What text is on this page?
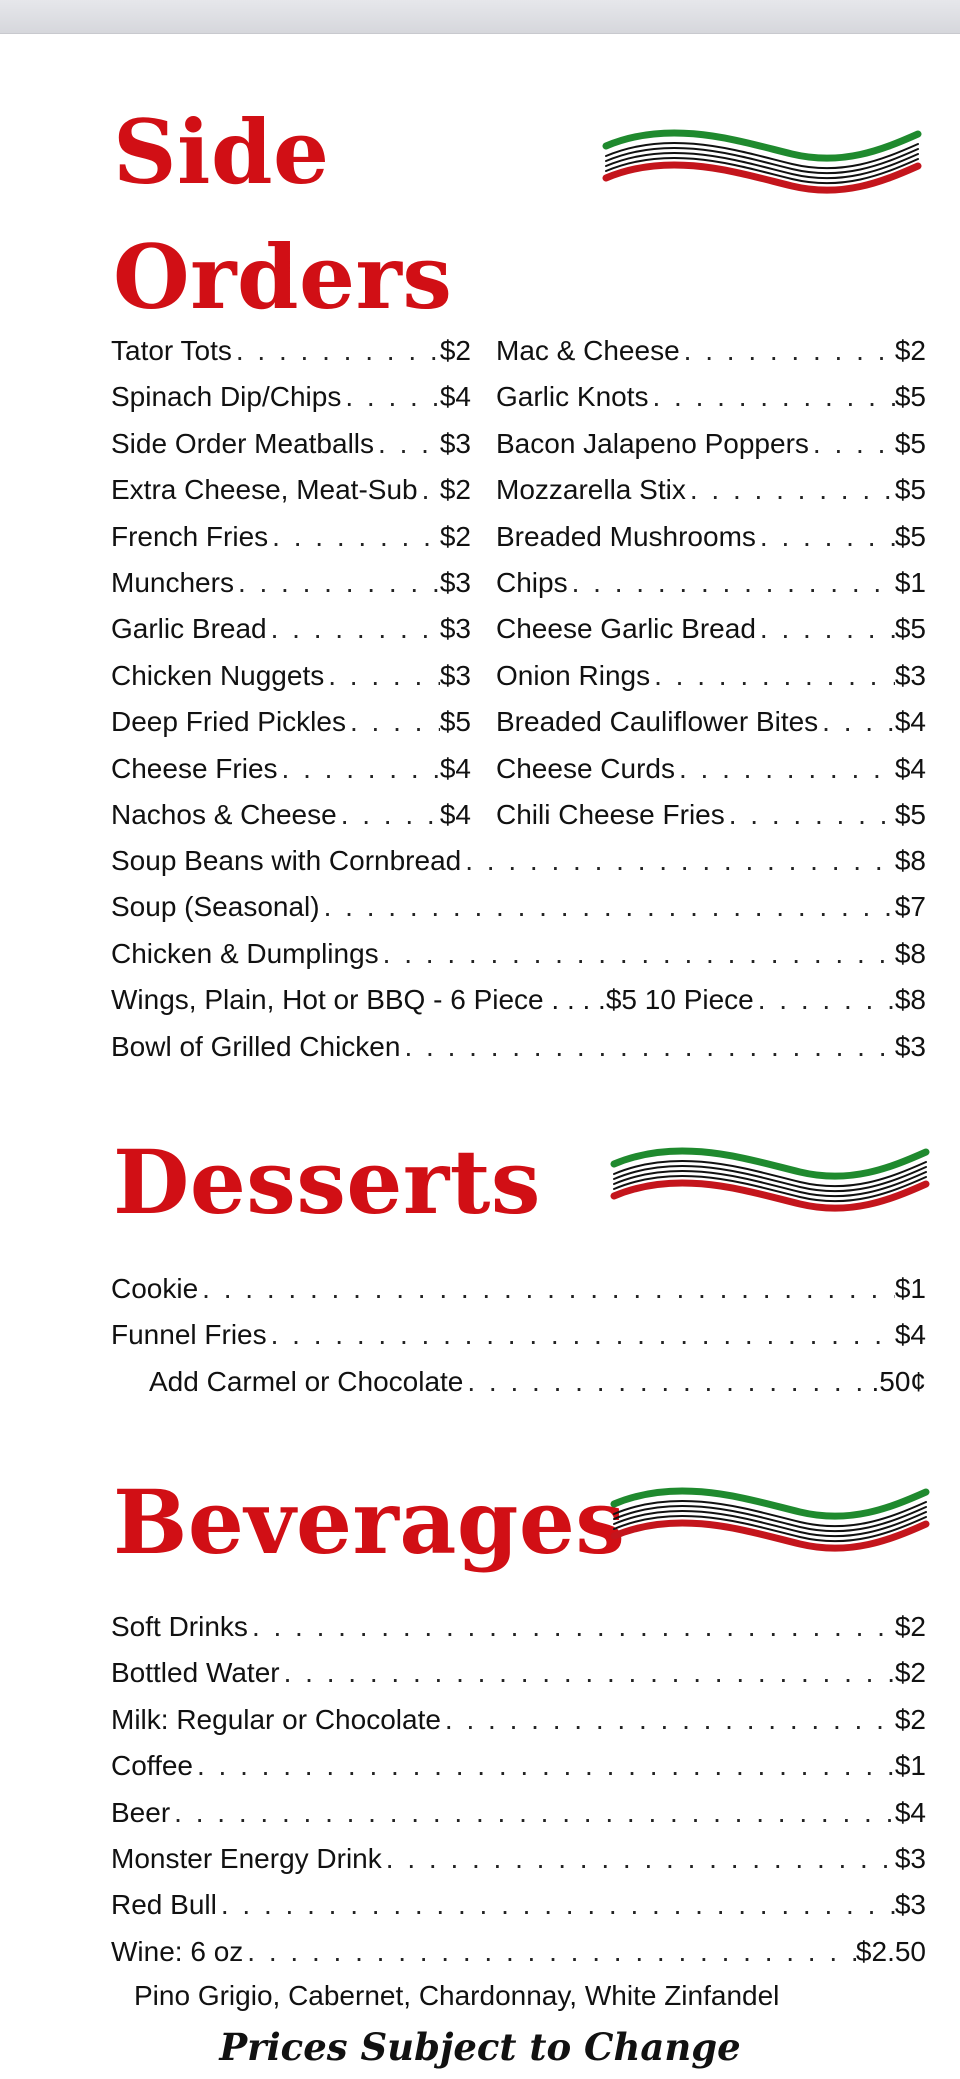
Side Orders
Tator Tots . . .	$2
Spinach Dip/Chips . . .	$4
Side Order Meatballs . . . $3
Extra Cheese, Meat-Sub . . . $2
French Fries . . .	$2
Munchers . . .	$3
Garlic Bread . . .	$3
Chicken Nuggets . . .	$3
Deep Fried Pickles . . .	$5
Cheese Fries . . .	$4
Nachos & Cheese . . .	$4
Mac & Cheese . . .	$2
Garlic Knots . . .	$5
Bacon Jalapeno Poppers . . .	$5
Mozzarella Stix . . .	$5
Breaded Mushrooms . . .	$5
Chips . . .	$1
Cheese Garlic Bread . . .	$5
Onion Rings . . .	$3
Breaded Cauliflower Bites . . .	$4
Cheese Curds . . .	$4
Chili Cheese Fries . . .	$5
Soup Beans with Cornbread . . .	$8
Soup (Seasonal) . . .	$7
Chicken & Dumplings . . .	$8
Wings, Plain, Hot or BBQ - 6 Piece . . . .$5 10 Piece . . .	$8
Bowl of Grilled Chicken . . .	$3
Desserts
Cookie . . .	$1
Funnel Fries . . .	$4
Add Carmel or Chocolate . . .	.50¢
Beverages
Soft Drinks . . .	$2
Bottled Water . . .	$2
Milk: Regular or Chocolate . . .	$2
Coffee . . .	$1
Beer . . .	$4
Monster Energy Drink . . .	$3
Red Bull . . .	$3
Wine: 6 oz . . .	$2.50
Pino Grigio, Cabernet, Chardonnay, White Zinfandel
Prices Subject to Change
